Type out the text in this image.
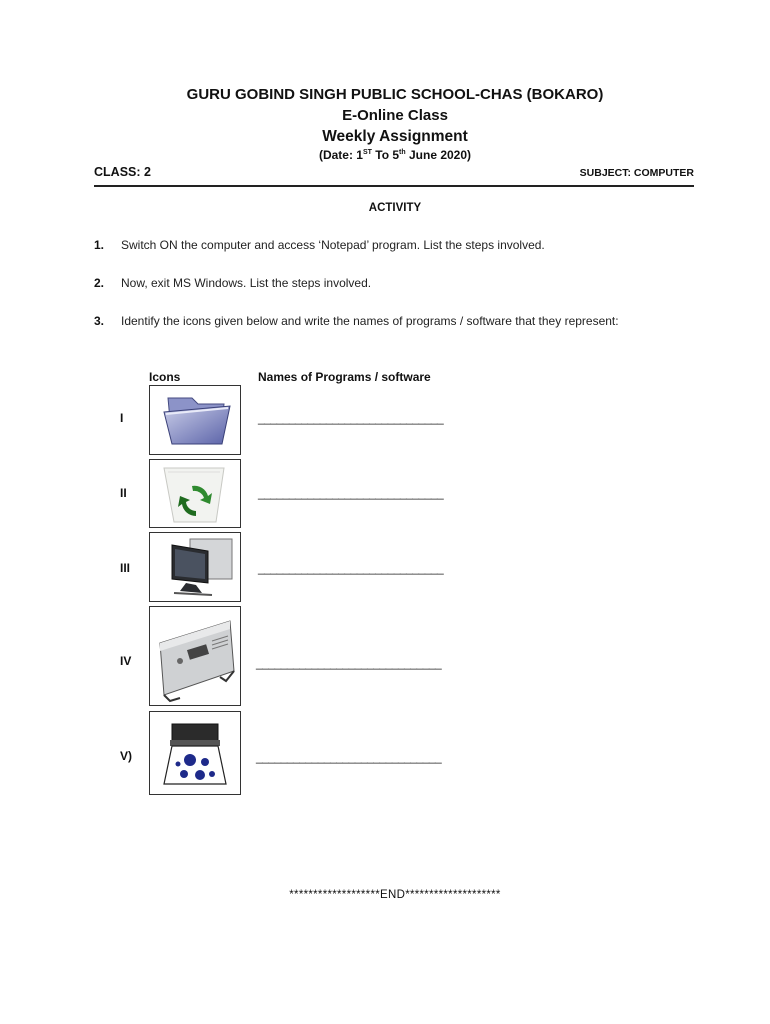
GURU GOBIND SINGH PUBLIC SCHOOL-CHAS (BOKARO)
E-Online Class
Weekly Assignment
(Date: 1ST To 5th June 2020)
CLASS: 2	SUBJECT: COMPUTER
ACTIVITY
1. Switch ON the computer and access ‘Notepad’ program. List the steps involved.
2. Now, exit MS Windows. List the steps involved.
3. Identify the icons given below and write the names of programs / software that they represent:
Icons	Names of Programs / software
I	______________________________
II	______________________________
III	______________________________
IV	______________________________
V)	______________________________
*******************END********************
